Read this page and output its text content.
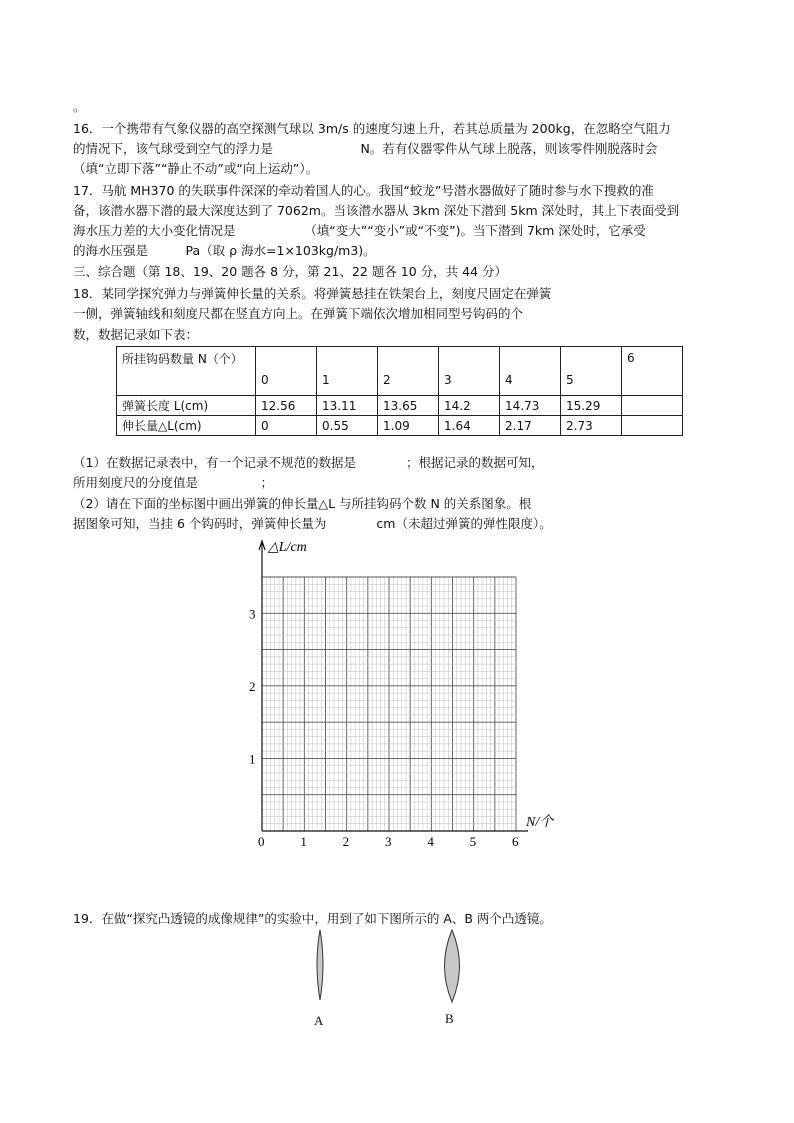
。
16．一个携带有气象仪器的高空探测气球以 3m/s 的速度匀速上升，若其总质量为 200kg，在忽略空气阻力
的情况下，该气球受到空气的浮力是　　　　　　　N。若有仪器零件从气球上脱落，则该零件刚脱落时会
（填“立即下落”“静止不动”或“向上运动”）。
17．马航 MH370 的失联事件深深的牵动着国人的心。我国“蛟龙”号潜水器做好了随时参与水下搜救的准
备，该潜水器下潜的最大深度达到了 7062m。当该潜水器从 3km 深处下潜到 5km 深处时，其上下表面受到
海水压力差的大小变化情况是　　　　　　（填“变大”“变小”或“不变”)。当下潜到 7km 深处时，它承受
的海水压强是　　　Pa（取 ρ 海水=1×103kg/m3)。
三、综合题（第 18、19、20 题各 8 分，第 21、22 题各 10 分，共 44 分）
18．某同学探究弹力与弹簧伸长量的关系。将弹簧悬挂在铁架台上，刻度尺固定在弹簧
一侧，弹簧轴线和刻度尺都在竖直方向上。在弹簧下端依次增加相同型号钩码的个
数，数据记录如下表：
所挂钩码数量 N（个）	0	1	2	3	4	5	6
弹簧长度 L(cm)	12.56	13.11	13.65	14.2	14.73	15.29	
伸长量△L(cm)	0	0.55	1.09	1.64	2.17	2.73	
（1）在数据记录表中，有一个记录不规范的数据是　　　　；根据记录的数据可知，
所用刻度尺的分度值是　　　　　；
（2）请在下面的坐标图中画出弹簧的伸长量△L 与所挂钩码个数 N 的关系图象。根
据图象可知，当挂 6 个钩码时，弹簧伸长量为　　　　cm（未超过弹簧的弹性限度）。
0	1	2	3	4	5	6
1
2
3
△L/cm
N/个
19．在做“探究凸透镜的成像规律”的实验中，用到了如下图所示的 A、B 两个凸透镜。
A	B
